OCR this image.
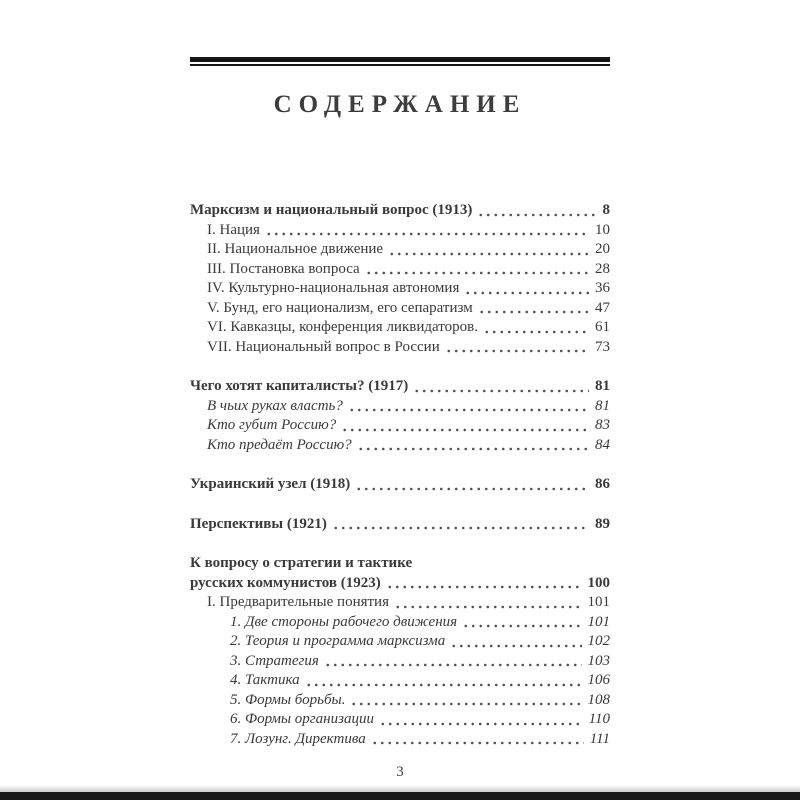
СОДЕРЖАНИЕ
Марксизм и национальный вопрос (1913)	8
I. Нация	10
II. Национальное движение	20
III. Постановка вопроса	28
IV. Культурно-национальная автономия	36
V. Бунд, его национализм, его сепаратизм	47
VI. Кавказцы, конференция ликвидаторов.	61
VII. Национальный вопрос в России	73
Чего хотят капиталисты? (1917)	81
В чьих руках власть?	81
Кто губит Россию?	83
Кто предаёт Россию?	84
Украинский узел (1918)	86
Перспективы (1921)	89
К вопросу о стратегии и тактике
русских коммунистов (1923)	100
I. Предварительные понятия	101
1. Две стороны рабочего движения	101
2. Теория и программа марксизма	102
3. Стратегия	103
4. Тактика	106
5. Формы борьбы.	108
6. Формы организации	110
7. Лозунг. Директива	111
3
